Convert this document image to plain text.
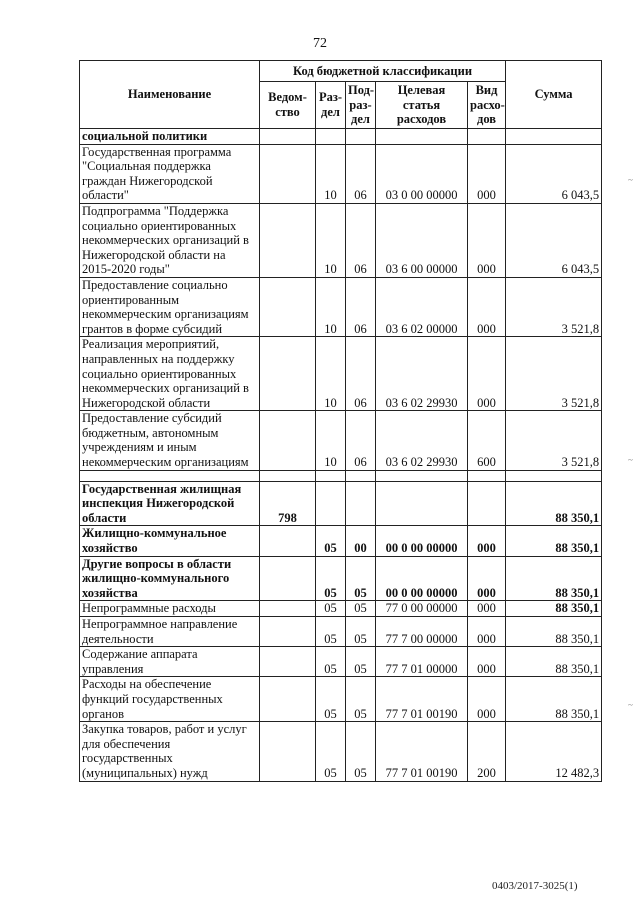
72
~
~
~
Наименование	Код бюджетной классификации					Сумма
	Ведом-ство	Раз-дел	Под-раз-дел	Целевая статья расходов	Вид расхо-дов	
социальной политики						
Государственная программа "Социальная поддержка граждан Нижегородской области"		10	06	03 0 00 00000	000	6 043,5
Подпрограмма "Поддержка социально ориентированных некоммерческих организаций в Нижегородской области на 2015-2020 годы"		10	06	03 6 00 00000	000	6 043,5
Предоставление социально ориентированным некоммерческим организациям грантов в форме субсидий		10	06	03 6 02 00000	000	3 521,8
Реализация мероприятий, направленных на поддержку социально ориентированных некоммерческих организаций в Нижегородской области		10	06	03 6 02 29930	000	3 521,8
Предоставление субсидий бюджетным, автономным учреждениям и иным некоммерческим организациям		10	06	03 6 02 29930	600	3 521,8

Государственная жилищная инспекция Нижегородской области	798					88 350,1
Жилищно-коммунальное хозяйство		05	00	00 0 00 00000	000	88 350,1
Другие вопросы в области жилищно-коммунального хозяйства		05	05	00 0 00 00000	000	88 350,1
Непрограммные расходы		05	05	77 0 00 00000	000	88 350,1
Непрограммное направление деятельности		05	05	77 7 00 00000	000	88 350,1
Содержание аппарата управления		05	05	77 7 01 00000	000	88 350,1
Расходы на обеспечение функций государственных органов		05	05	77 7 01 00190	000	88 350,1
Закупка товаров, работ и услуг для обеспечения государственных (муниципальных) нужд		05	05	77 7 01 00190	200	12 482,3
0403/2017-3025(1)
